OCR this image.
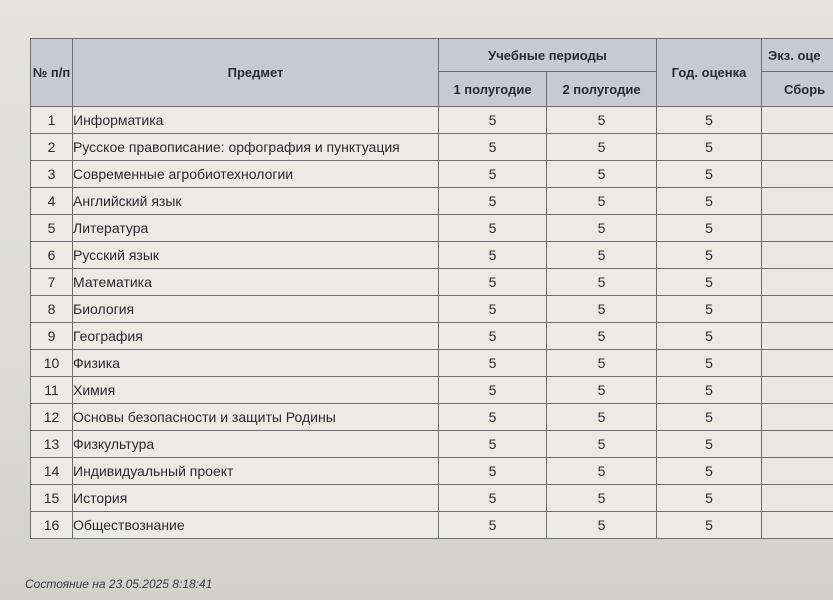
№ п/п	Предмет	Учебные периоды		Год. оценка	Экз. оце
		1 полугодие	2 полугодие		Сборь
1	Информатика	5	5	5	
2	Русское правописание: орфография и пунктуация	5	5	5	
3	Современные агробиотехнологии	5	5	5	
4	Английский язык	5	5	5	
5	Литература	5	5	5	
6	Русский язык	5	5	5	
7	Математика	5	5	5	
8	Биология	5	5	5	
9	География	5	5	5	
10	Физика	5	5	5	
11	Химия	5	5	5	
12	Основы безопасности и защиты Родины	5	5	5	
13	Физкультура	5	5	5	
14	Индивидуальный проект	5	5	5	
15	История	5	5	5	
16	Обществознание	5	5	5	
Состояние на 23.05.2025 8:18:41
